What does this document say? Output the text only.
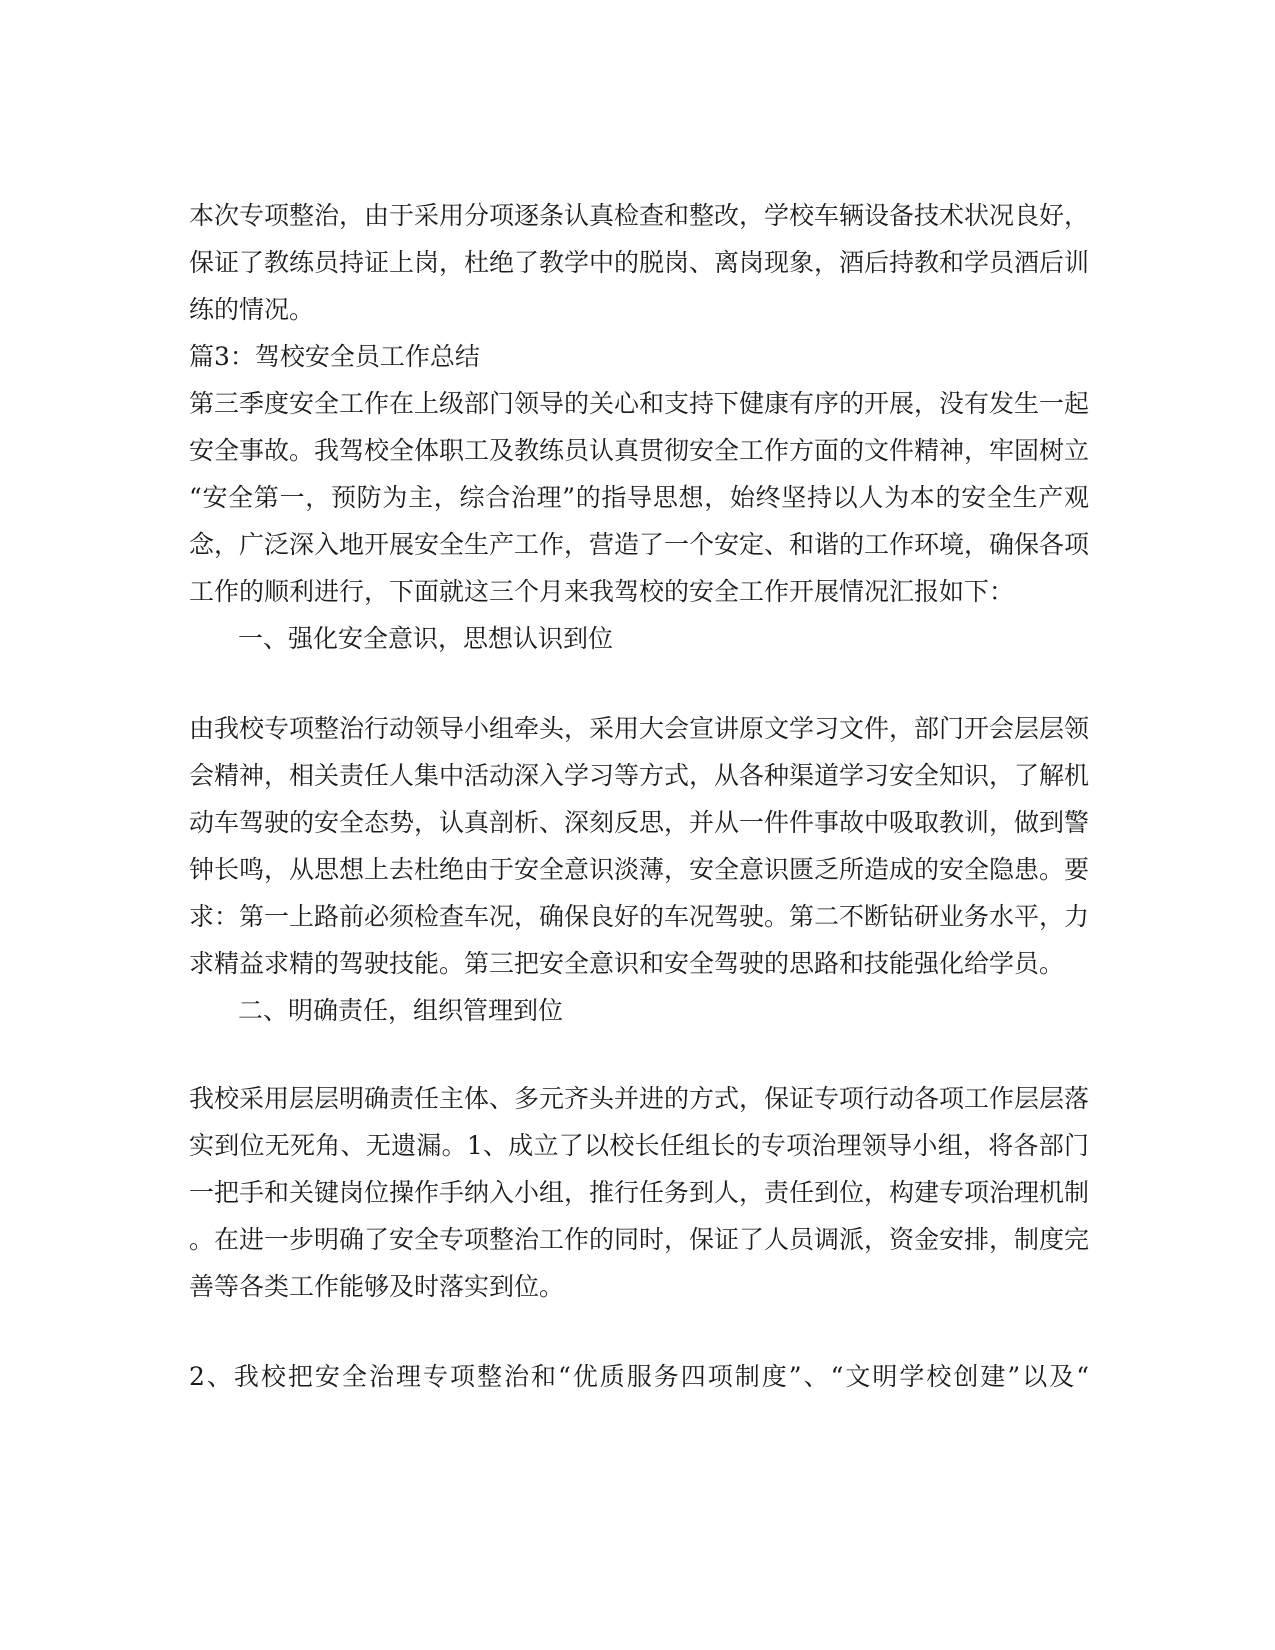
本次专项整治，由于采用分项逐条认真检查和整改，学校车辆设备技术状况良好，
保证了教练员持证上岗，杜绝了教学中的脱岗、离岗现象，酒后持教和学员酒后训
练的情况。
篇3：驾校安全员工作总结
第三季度安全工作在上级部门领导的关心和支持下健康有序的开展，没有发生一起
安全事故。我驾校全体职工及教练员认真贯彻安全工作方面的文件精神，牢固树立
“安全第一，预防为主，综合治理”的指导思想，始终坚持以人为本的安全生产观
念，广泛深入地开展安全生产工作，营造了一个安定、和谐的工作环境，确保各项
工作的顺利进行，下面就这三个月来我驾校的安全工作开展情况汇报如下：
一、强化安全意识，思想认识到位
由我校专项整治行动领导小组牵头，采用大会宣讲原文学习文件，部门开会层层领
会精神，相关责任人集中活动深入学习等方式，从各种渠道学习安全知识，了解机
动车驾驶的安全态势，认真剖析、深刻反思，并从一件件事故中吸取教训，做到警
钟长鸣，从思想上去杜绝由于安全意识淡薄，安全意识匮乏所造成的安全隐患。要
求：第一上路前必须检查车况，确保良好的车况驾驶。第二不断钻研业务水平，力
求精益求精的驾驶技能。第三把安全意识和安全驾驶的思路和技能强化给学员。
二、明确责任，组织管理到位
我校采用层层明确责任主体、多元齐头并进的方式，保证专项行动各项工作层层落
实到位无死角、无遗漏。1、成立了以校长任组长的专项治理领导小组，将各部门
一把手和关键岗位操作手纳入小组，推行任务到人，责任到位，构建专项治理机制
。在进一步明确了安全专项整治工作的同时，保证了人员调派，资金安排，制度完
善等各类工作能够及时落实到位。
2、我校把安全治理专项整治和“优质服务四项制度”、“文明学校创建”以及“
